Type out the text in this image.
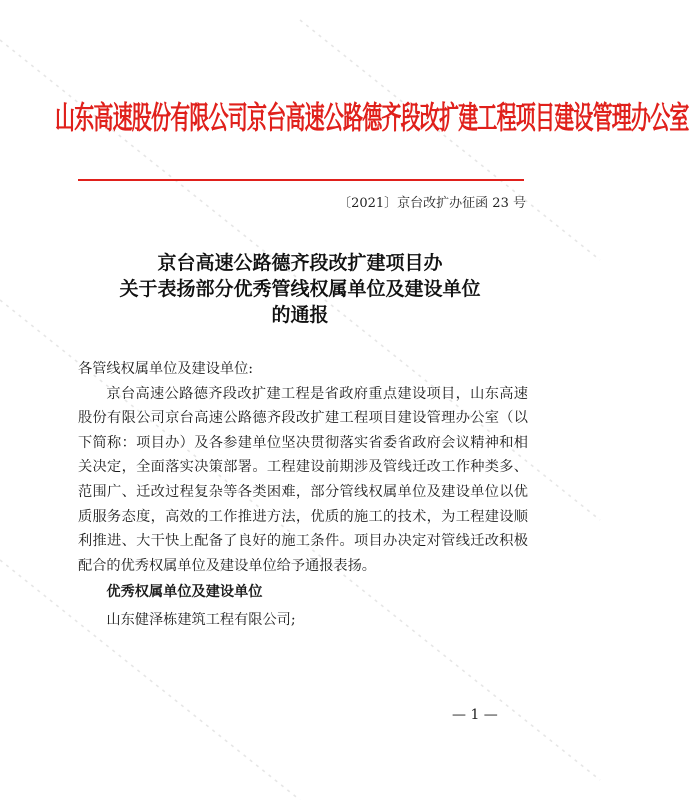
山东高速股份有限公司京台高速公路德齐段改扩建工程项目建设管理办公室
〔2021〕京台改扩办征函 23 号
京台高速公路德齐段改扩建项目办
关于表扬部分优秀管线权属单位及建设单位
的通报
各管线权属单位及建设单位:
京台高速公路德齐段改扩建工程是省政府重点建设项目，山东高速股份有限公司京台高速公路德齐段改扩建工程项目建设管理办公室（以下简称：项目办）及各参建单位坚决贯彻落实省委省政府会议精神和相关决定，全面落实决策部署。工程建设前期涉及管线迁改工作种类多、范围广、迁改过程复杂等各类困难，部分管线权属单位及建设单位以优质服务态度，高效的工作推进方法，优质的施工的技术，为工程建设顺利推进、大干快上配备了良好的施工条件。项目办决定对管线迁改积极配合的优秀权属单位及建设单位给予通报表扬。
优秀权属单位及建设单位
山东健泽栋建筑工程有限公司;
— 1 —
